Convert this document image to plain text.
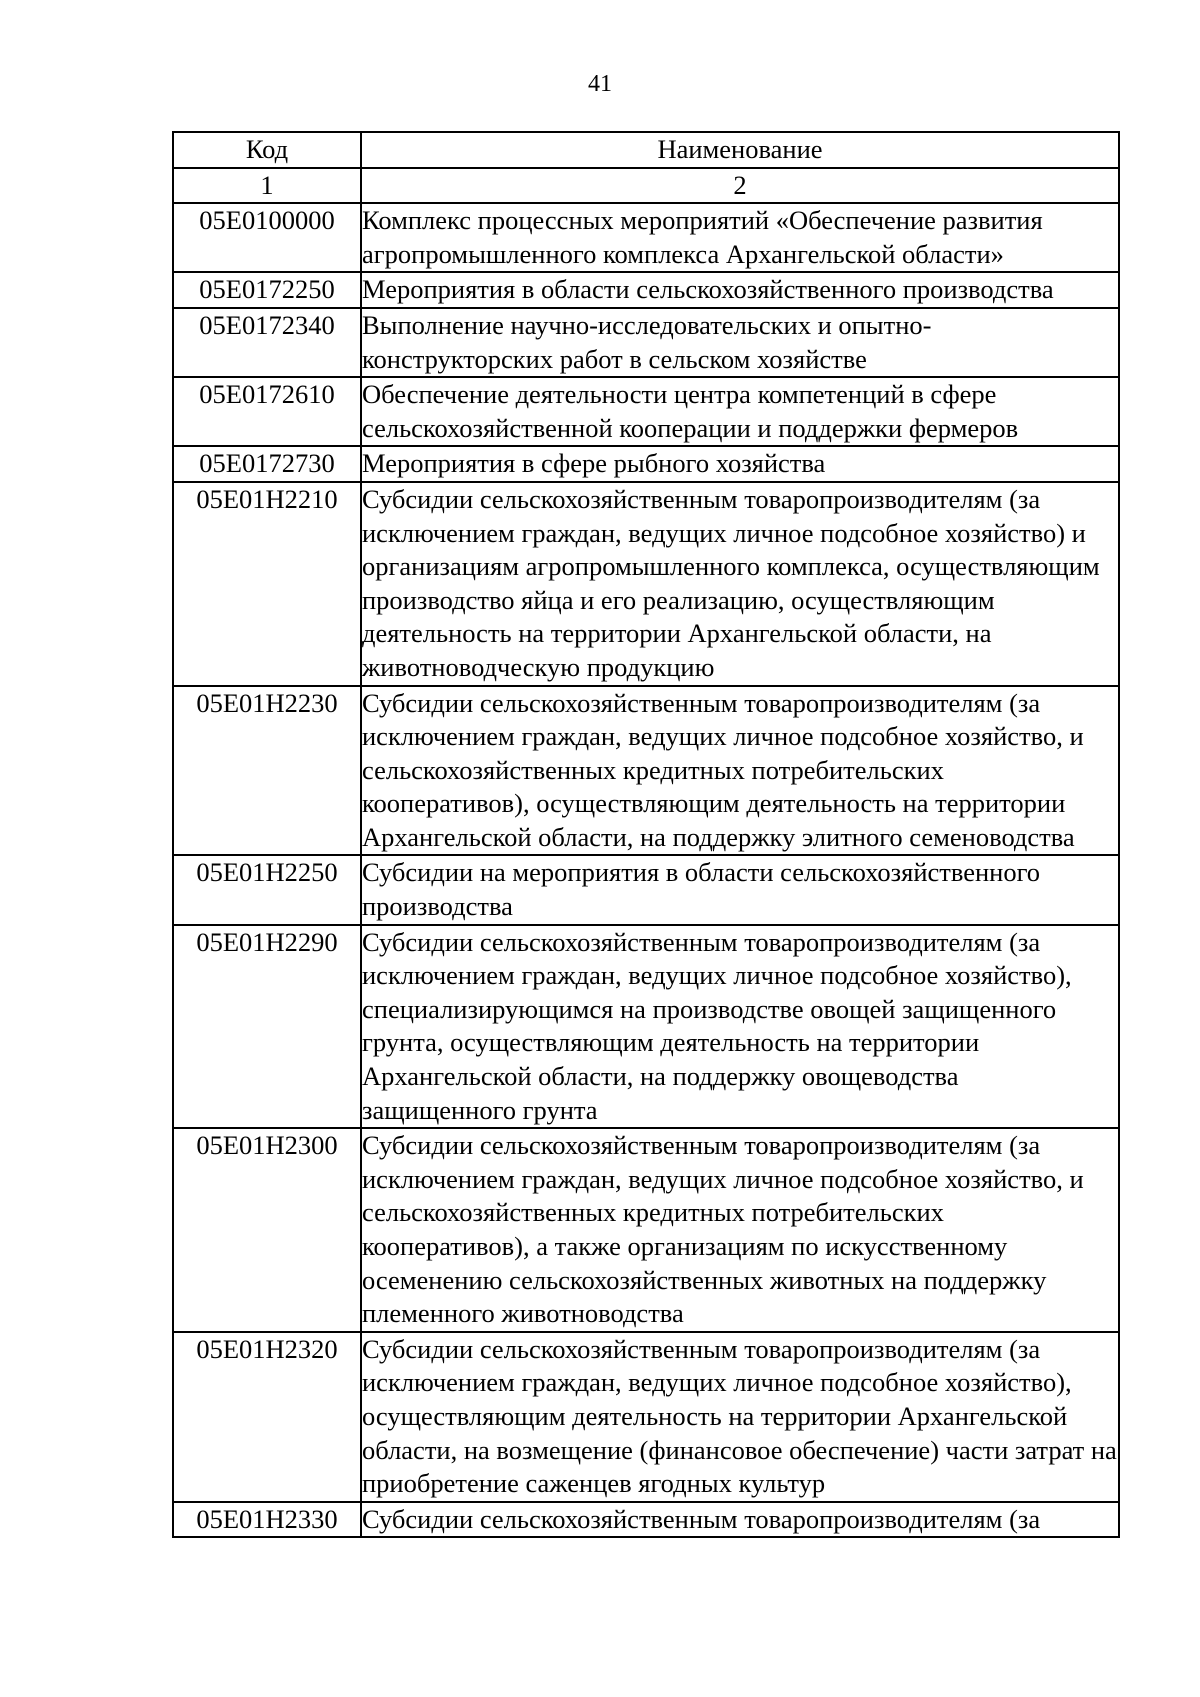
41
Код	Наименование
1	2
05E0100000	Комплекс процессных мероприятий «Обеспечение развития агропромышленного комплекса Архангельской области»
05E0172250	Мероприятия в области сельскохозяйственного производства
05E0172340	Выполнение научно-исследовательских и опытно-конструкторских работ в сельском хозяйстве
05E0172610	Обеспечение деятельности центра компетенций в сфере сельскохозяйственной кооперации и поддержки фермеров
05E0172730	Мероприятия в сфере рыбного хозяйства
05E01H2210	Субсидии сельскохозяйственным товаропроизводителям (за исключением граждан, ведущих личное подсобное хозяйство) и организациям агропромышленного комплекса, осуществляющим производство яйца и его реализацию, осуществляющим деятельность на территории Архангельской области, на животноводческую продукцию
05E01H2230	Субсидии сельскохозяйственным товаропроизводителям (за исключением граждан, ведущих личное подсобное хозяйство, и сельскохозяйственных кредитных потребительских кооперативов), осуществляющим деятельность на территории Архангельской области, на поддержку элитного семеноводства
05E01H2250	Субсидии на мероприятия в области сельскохозяйственного производства
05E01H2290	Субсидии сельскохозяйственным товаропроизводителям (за исключением граждан, ведущих личное подсобное хозяйство), специализирующимся на производстве овощей защищенного грунта, осуществляющим деятельность на территории Архангельской области, на поддержку овощеводства защищенного грунта
05E01H2300	Субсидии сельскохозяйственным товаропроизводителям (за исключением граждан, ведущих личное подсобное хозяйство, и сельскохозяйственных кредитных потребительских кооперативов), а также организациям по искусственному осеменению сельскохозяйственных животных на поддержку племенного животноводства
05E01H2320	Субсидии сельскохозяйственным товаропроизводителям (за исключением граждан, ведущих личное подсобное хозяйство), осуществляющим деятельность на территории Архангельской области, на возмещение (финансовое обеспечение) части затрат на приобретение саженцев ягодных культур
05E01H2330	Субсидии сельскохозяйственным товаропроизводителям (за
